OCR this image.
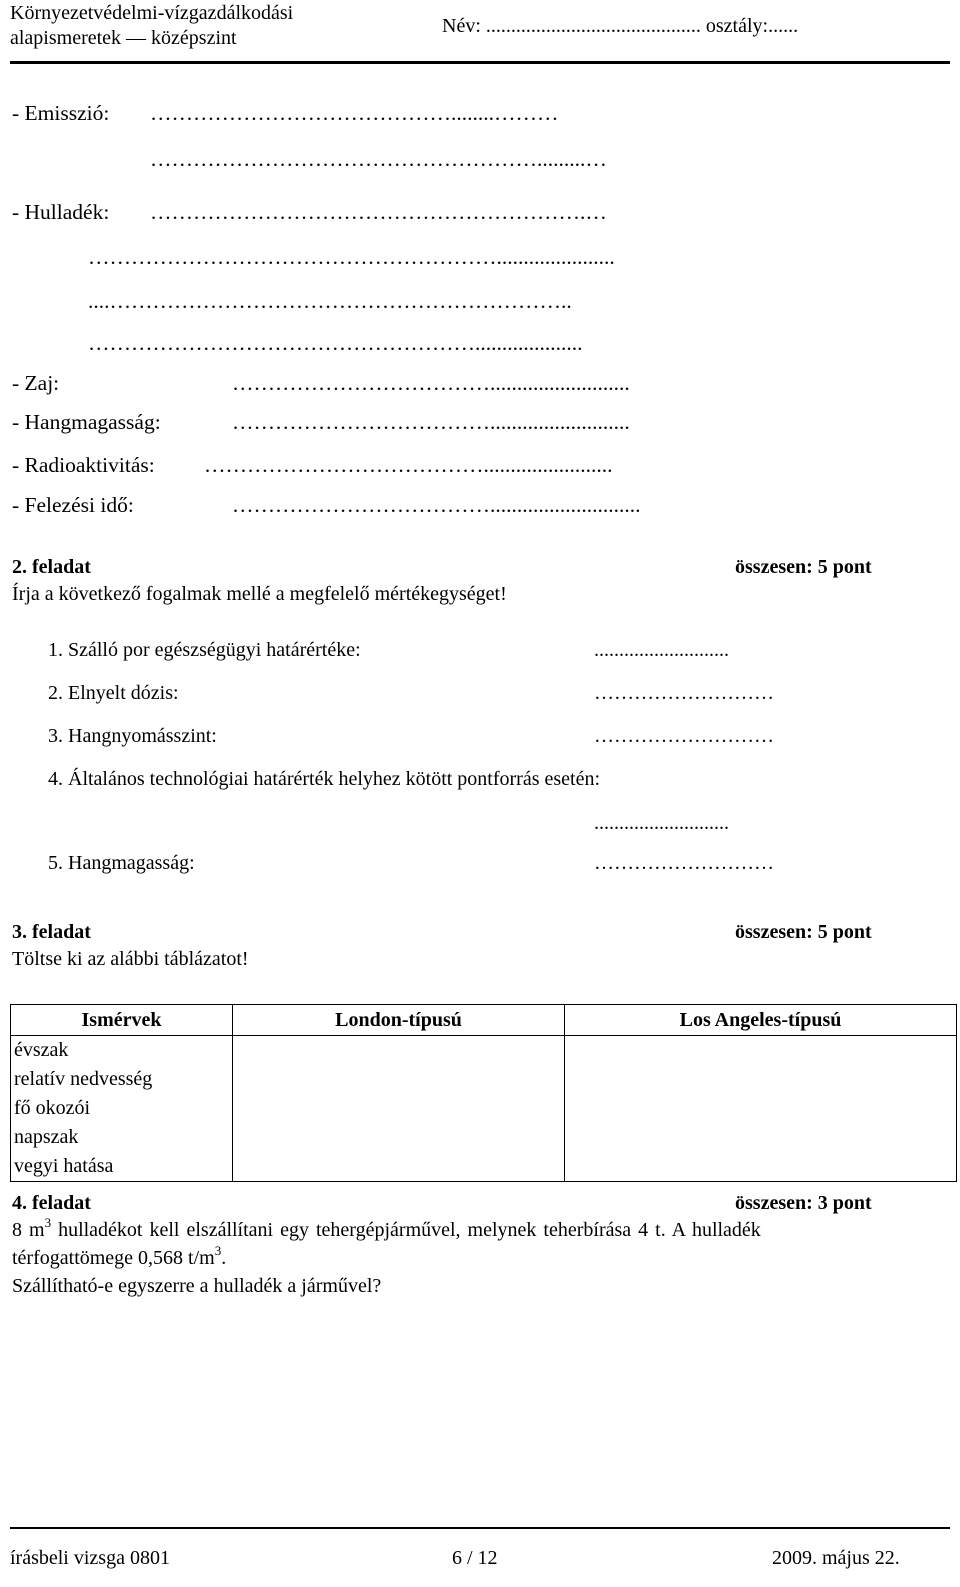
Környezetvédelmi-vízgazdálkodási
alapismeretek — középszint
Név: ........................................... osztály:......
- Emisszió: ……………………………………........………
……………………………………………….........…
- Hulladék: …………………………………………………….…
…………………………………………………......................
....………………………………………………………..
………………………………………………....................
- Zaj:	………………………………..........................
- Hangmagasság:	………………………………..........................
- Radioaktivitás: …………………………………........................
- Felezési idő:	………………………………............................
2. feladat	összesen: 5 pont
Írja a következő fogalmak mellé a megfelelő mértékegységet!
1. Szálló por egészségügyi határértéke:	...........................
2. Elnyelt dózis:	………………………
3. Hangnyomásszint:	………………………
4. Általános technológiai határérték helyhez kötött pontforrás esetén:
...........................
5. Hangmagasság:	………………………
3. feladat	összesen: 5 pont
Töltse ki az alábbi táblázatot!
Ismérvek	London-típusú	Los Angeles-típusú
évszak		
relatív nedvesség		
fő okozói		
napszak		
vegyi hatása		
4. feladat	összesen: 3 pont
8 $m^3$ hulladékot kell elszállítani egy tehergépjárművel, melynek teherbírása 4 t. A hulladék
térfogattömege 0,568 $t/m^3$.
Szállítható-e egyszerre a hulladék a járművel?
írásbeli vizsga 0801	6 / 12	2009. május 22.
